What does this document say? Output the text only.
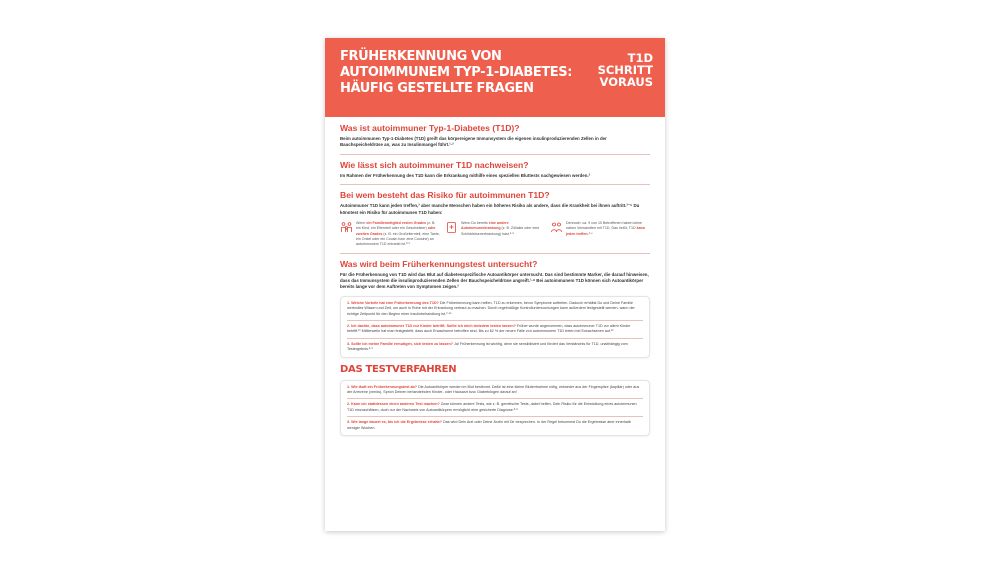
FRÜHERKENNUNG VON AUTOIMMUNEM TYP-1-DIABETES: HÄUFIG GESTELLTE FRAGEN
T1D
SCHRITT
VORAUS
Was ist autoimmuner Typ-1-Diabetes (T1D)?

Beim autoimmunen Typ-1-Diabetes (T1D) greift das körpereigene Immunsystem die eigenen insulinproduzierenden Zellen in der Bauchspeicheldrüse an, was zu Insulinmangel führt.¹·²

Wie lässt sich autoimmuner T1D nachweisen?

Im Rahmen der Früherkennung des T1D kann die Erkrankung mithilfe eines speziellen Bluttests nachgewiesen werden.²

Bei wem besteht das Risiko für autoimmunen T1D?

Autoimmuner T1D kann jeden treffen,³ aber manche Menschen haben ein höheres Risiko als andere, dass die Krankheit bei ihnen auftritt.³⁻⁵ Du könntest ein Risiko für autoimmunen T1D haben:

Wenn ein Familienmitglied ersten Grades (z. B. ein Kind, ein Elternteil oder ein Geschwister) oder zweiten Grades (z. B. ein Großelternteil, eine Tante, ein Onkel oder ein Cousin bzw. eine Cousine) an autoimmunem T1D erkrankt ist.³·⁶
Wenn Du bereits eine andere Autoimmunerkrankung (z. B. Zöliakie oder eine Schilddrüsenerkrankung) hast.⁵·⁸
Dennoch: ca. 9 von 10 Betroffenen haben keine nahen Verwandten mit T1D. Das heißt, T1D kann jeden treffen.³·⁴
Was wird beim Früherkennungstest untersucht?

Für die Früherkennung von T1D wird das Blut auf diabetesspezifische Autoantikörper untersucht. Das sind bestimmte Marker, die darauf hinweisen, dass das Immunsystem die insulinproduzierenden Zellen der Bauchspeicheldrüse angreift.¹·⁸ Bei autoimmunem T1D können sich Autoantikörper bereits lange vor dem Auftreten von Symptomen zeigen.²

1. Welche Vorteile hat eine Früherkennung des T1D? Die Früherkennung kann helfen, T1D zu erkennen, bevor Symptome auftreten. Dadurch erhältst Du und Deine Familie wertvolles Wissen und Zeit, um auch in Ruhe mit der Erkrankung vertraut zu machen. Durch regelmäßige Kontrolluntersuchungen kann außerdem festgestellt werden, wann der richtige Zeitpunkt für den Beginn einer Insulinbehandlung ist.⁹·¹⁰
2. Ich dachte, dass autoimmuner T1D nur Kinder betrifft. Sollte ich mich trotzdem testen lassen? Früher wurde angenommen, dass autoimmuner T1D vor allem Kinder betrifft.¹¹ Mittlerweile hat man festgestellt, dass auch Erwachsene betroffen sind. Bis zu 62 % der neuen Fälle von autoimmunem T1D treten bei Erwachsenen auf.¹²
3. Sollte ich meine Familie ermutigen, sich testen zu lassen? Ja! Früherkennung ist wichtig, denn sie sensibilisiert und fördert das Verständnis für T1D, unabhängig vom Testergebnis.²·⁹
DAS TESTVERFAHREN
1. Wie läuft ein Früherkennungstest ab? Die Autoantikörper werden im Blut bestimmt. Dafür ist eine kleine Blutentnahme nötig, entweder aus der Fingerspitze (kapillar) oder aus der Armvene (venös). Sprich Deinen behandelnden Kinder- oder Hausarzt bzw. Diabetologen darauf an!
2. Kann ich stattdessen einen anderen Test machen? Zwar können andere Tests, wie z. B. genetische Tests, dabei helfen, Dein Risiko für die Entwicklung eines autoimmunen T1D einzuschätzen, doch nur der Nachweis von Autoantikörpern ermöglicht eine gesicherte Diagnose.²·⁸
3. Wie lange dauert es, bis ich die Ergebnisse erhalte? Das wird Dein Arzt oder Deine Ärztin mit Dir besprechen. In der Regel bekommst Du die Ergebnisse aber innerhalb weniger Wochen.
